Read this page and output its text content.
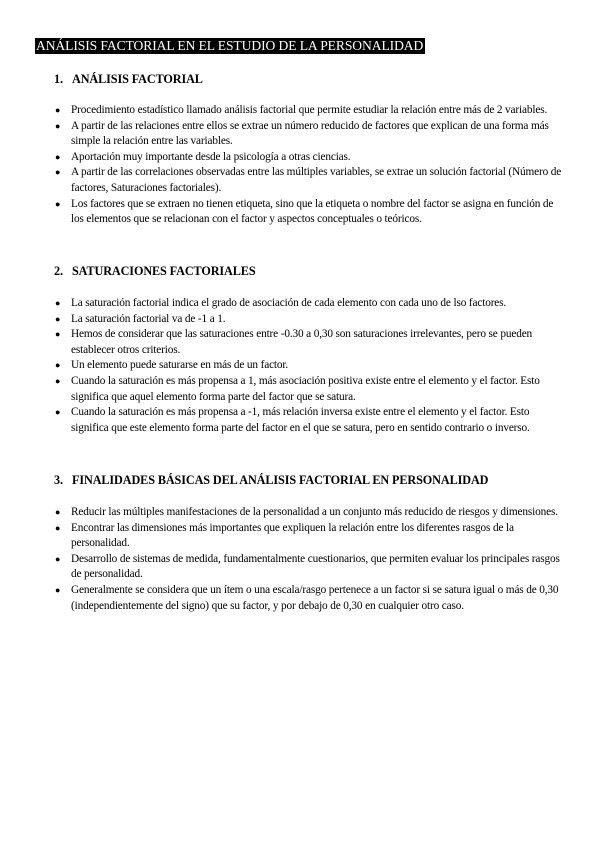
ANÁLISIS FACTORIAL EN EL ESTUDIO DE LA PERSONALIDAD
1. ANÁLISIS FACTORIAL
● Procedimiento estadístico llamado análisis factorial que permite estudiar la relación entre más de 2 variables.
● A partir de las relaciones entre ellos se extrae un número reducido de factores que explican de una forma más simple la relación entre las variables.
● Aportación muy importante desde la psicología a otras ciencias.
● A partir de las correlaciones observadas entre las múltiples variables, se extrae un solución factorial (Número de factores, Saturaciones factoriales).
● Los factores que se extraen no tienen etiqueta, sino que la etiqueta o nombre del factor se asigna en función de los elementos que se relacionan con el factor y aspectos conceptuales o teóricos.
2. SATURACIONES FACTORIALES
● La saturación factorial indica el grado de asociación de cada elemento con cada uno de lso factores.
● La saturación factorial va de -1 a 1.
● Hemos de considerar que las saturaciones entre -0.30 a 0,30 son saturaciones irrelevantes, pero se pueden establecer otros criterios.
● Un elemento puede saturarse en más de un factor.
● Cuando la saturación es más propensa a 1, más asociación positiva existe entre el elemento y el factor. Esto significa que aquel elemento forma parte del factor que se satura.
● Cuando la saturación es más propensa a -1, más relación inversa existe entre el elemento y el factor. Esto significa que este elemento forma parte del factor en el que se satura, pero en sentido contrario o inverso.
3. FINALIDADES BÁSICAS DEL ANÁLISIS FACTORIAL EN PERSONALIDAD
● Reducir las múltiples manifestaciones de la personalidad a un conjunto más reducido de riesgos y dimensiones.
● Encontrar las dimensiones más importantes que expliquen la relación entre los diferentes rasgos de la personalidad.
● Desarrollo de sistemas de medida, fundamentalmente cuestionarios, que permiten evaluar los principales rasgos de personalidad.
● Generalmente se considera que un ítem o una escala/rasgo pertenece a un factor si se satura igual o más de 0,30 (independientemente del signo) que su factor, y por debajo de 0,30 en cualquier otro caso.
